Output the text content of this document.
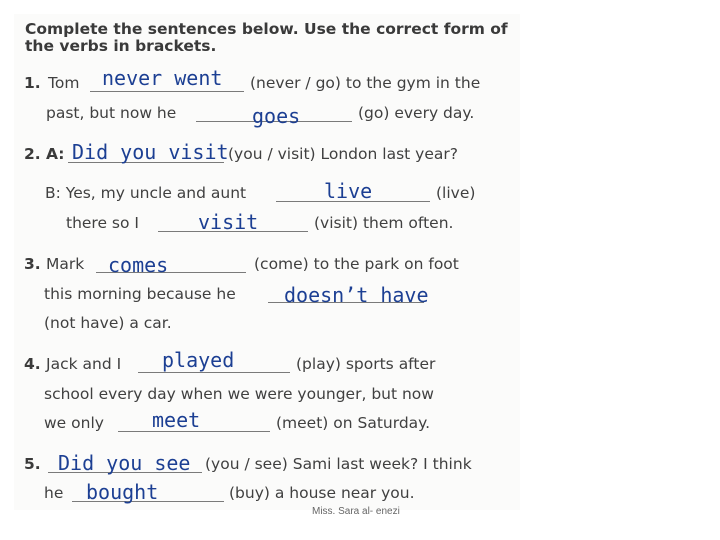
Complete the sentences below. Use the correct form of
the verbs in brackets.
1. Tom never went (never / go) to the gym in the
past, but now he	goes	(go) every day.
2. A: Did you visit (you / visit) London last year?
B: Yes, my uncle and aunt	live	(live)
there so I	visit	(visit) them often.
3. Mark comes	(come) to the park on foot
this morning because he doesn’t have
(not have) a car.
4. Jack and I played	(play) sports after
school every day when we were younger, but now
we only meet	(meet) on Saturday.
5. Did you see (you / see) Sami last week? I think
he bought	(buy) a house near you.
Miss. Sara al- enezi
